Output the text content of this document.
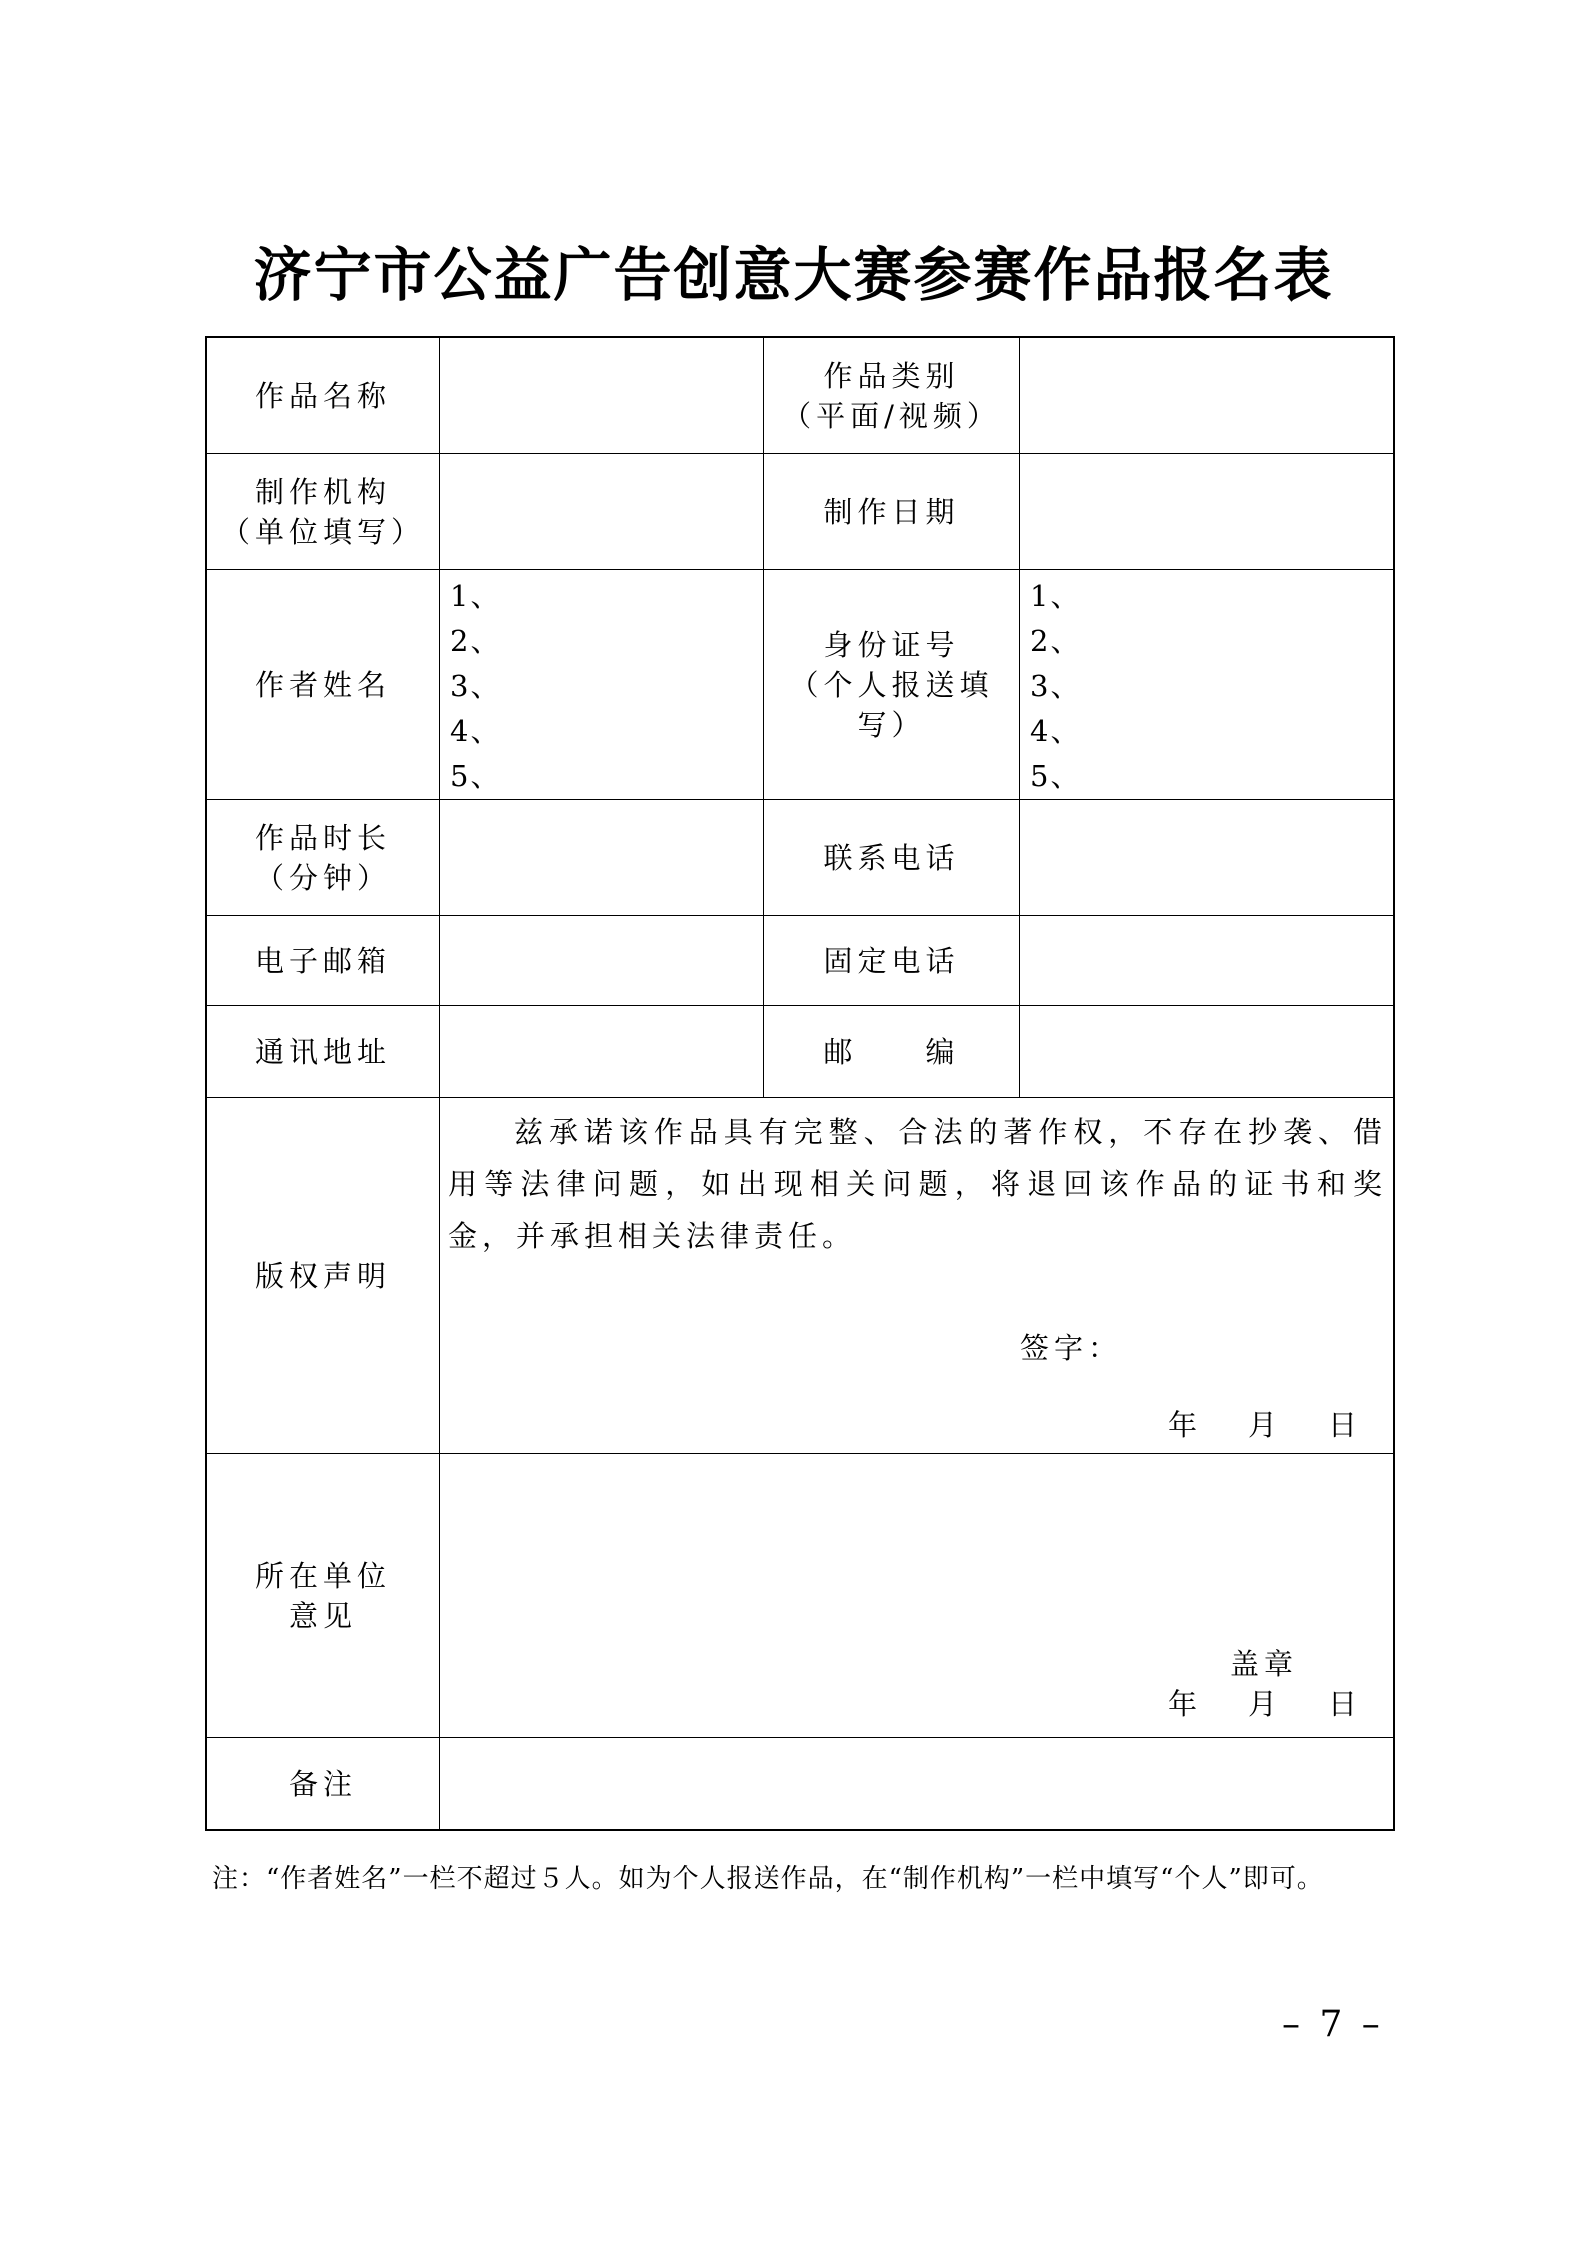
济宁市公益广告创意大赛参赛作品报名表
作品名称
作品类别
（平面/视频）
制作机构
（单位填写）
制作日期
作者姓名
1、
2、
3、
4、
5、
身份证号
（个人报送填写）
1、
2、
3、
4、
5、
作品时长
（分钟）
联系电话
电子邮箱	固定电话
通讯地址	邮　　编
版权声明
兹承诺该作品具有完整、合法的著作权，不存在抄袭、借用等法律问题，如出现相关问题，将退回该作品的证书和奖金，并承担相关法律责任。
签字：
年 月 日
所在单位
意见
盖章
年 月 日
备注
注：“作者姓名”一栏不超过５人。如为个人报送作品，在“制作机构”一栏中填写“个人”即可。
– 7 –
